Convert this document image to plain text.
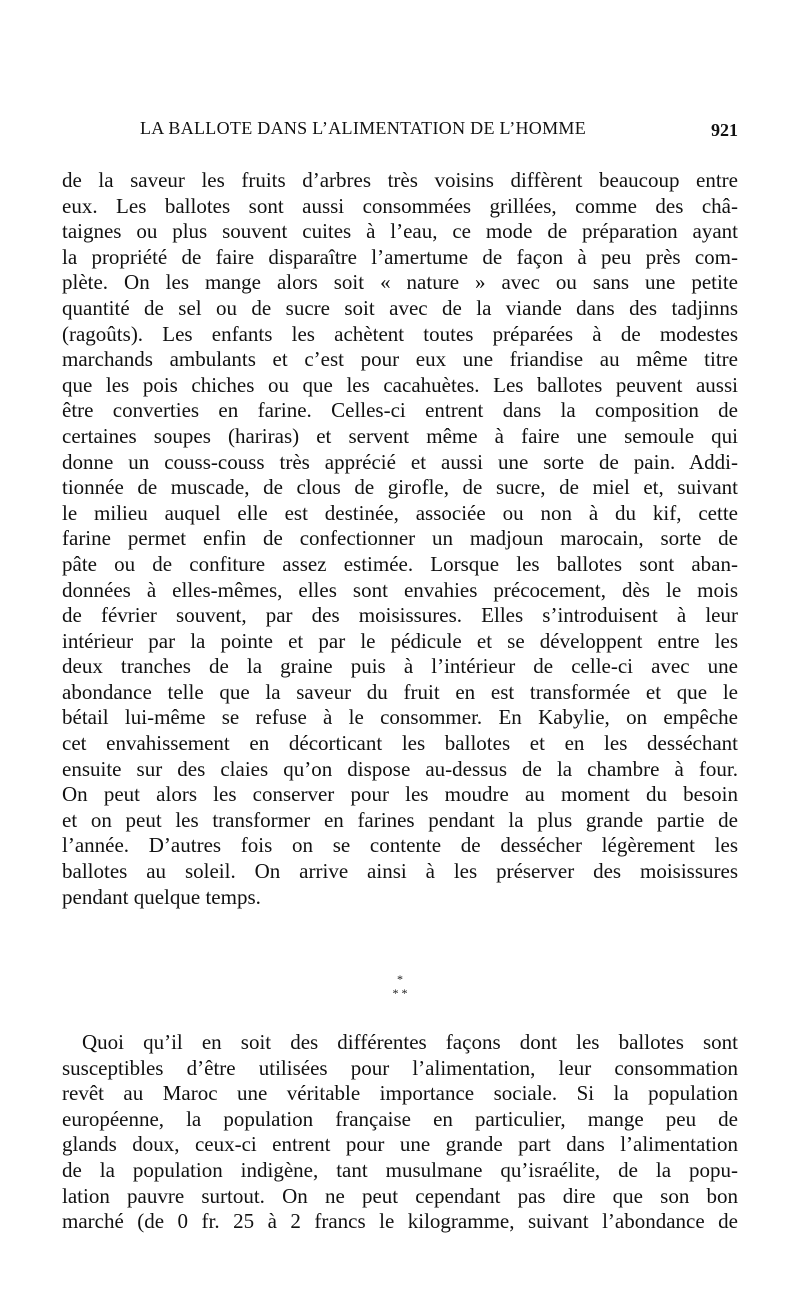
LA BALLOTE DANS L’ALIMENTATION DE L’HOMME	921
de la saveur les fruits d’arbres très voisins diffèrent beaucoup entre
eux. Les ballotes sont aussi consommées grillées, comme des châ-
taignes ou plus souvent cuites à l’eau, ce mode de préparation ayant
la propriété de faire disparaître l’amertume de façon à peu près com-
plète. On les mange alors soit « nature » avec ou sans une petite
quantité de sel ou de sucre soit avec de la viande dans des tadjinns
(ragoûts). Les enfants les achètent toutes préparées à de modestes
marchands ambulants et c’est pour eux une friandise au même titre
que les pois chiches ou que les cacahuètes. Les ballotes peuvent aussi
être converties en farine. Celles-ci entrent dans la composition de
certaines soupes (hariras) et servent même à faire une semoule qui
donne un couss-couss très apprécié et aussi une sorte de pain. Addi-
tionnée de muscade, de clous de girofle, de sucre, de miel et, suivant
le milieu auquel elle est destinée, associée ou non à du kif, cette
farine permet enfin de confectionner un madjoun marocain, sorte de
pâte ou de confiture assez estimée. Lorsque les ballotes sont aban-
données à elles-mêmes, elles sont envahies précocement, dès le mois
de février souvent, par des moisissures. Elles s’introduisent à leur
intérieur par la pointe et par le pédicule et se développent entre les
deux tranches de la graine puis à l’intérieur de celle-ci avec une
abondance telle que la saveur du fruit en est transformée et que le
bétail lui-même se refuse à le consommer. En Kabylie, on empêche
cet envahissement en décorticant les ballotes et en les desséchant
ensuite sur des claies qu’on dispose au-dessus de la chambre à four.
On peut alors les conserver pour les moudre au moment du besoin
et on peut les transformer en farines pendant la plus grande partie de
l’année. D’autres fois on se contente de dessécher légèrement les
ballotes au soleil. On arrive ainsi à les préserver des moisissures
pendant quelque temps.
*
* *
Quoi qu’il en soit des différentes façons dont les ballotes sont
susceptibles d’être utilisées pour l’alimentation, leur consommation
revêt au Maroc une véritable importance sociale. Si la population
européenne, la population française en particulier, mange peu de
glands doux, ceux-ci entrent pour une grande part dans l’alimentation
de la population indigène, tant musulmane qu’israélite, de la popu-
lation pauvre surtout. On ne peut cependant pas dire que son bon
marché (de 0 fr. 25 à 2 francs le kilogramme, suivant l’abondance de
